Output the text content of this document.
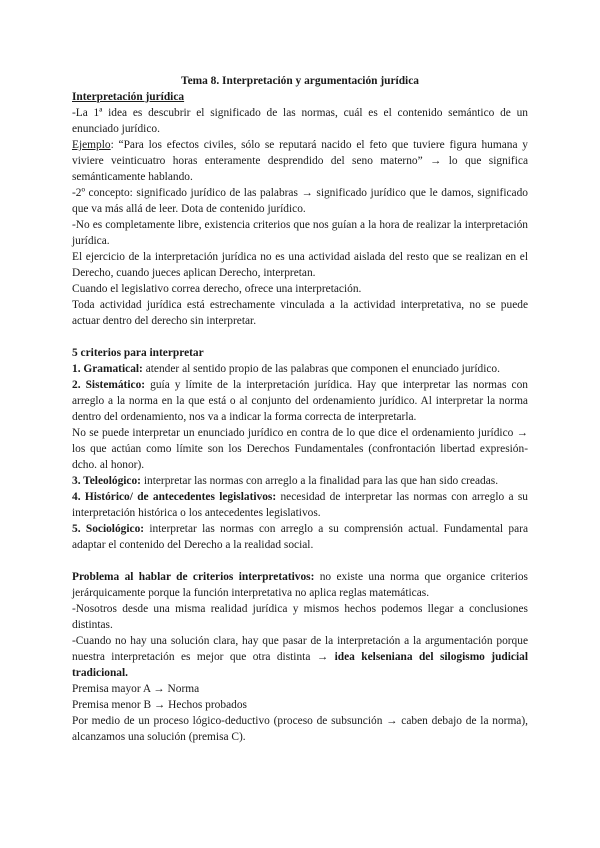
Tema 8. Interpretación y argumentación jurídica

Interpretación jurídica

-La 1ª idea es descubrir el significado de las normas, cuál es el contenido semántico de un enunciado jurídico.

Ejemplo: “Para los efectos civiles, sólo se reputará nacido el feto que tuviere figura humana y viviere veinticuatro horas enteramente desprendido del seno materno” → lo que significa semánticamente hablando.

-2º concepto: significado jurídico de las palabras → significado jurídico que le damos, significado que va más allá de leer. Dota de contenido jurídico.

-No es completamente libre, existencia criterios que nos guían a la hora de realizar la interpretación jurídica.

El ejercicio de la interpretación jurídica no es una actividad aislada del resto que se realizan en el Derecho, cuando jueces aplican Derecho, interpretan.

Cuando el legislativo correa derecho, ofrece una interpretación.

Toda actividad jurídica está estrechamente vinculada a la actividad interpretativa, no se puede actuar dentro del derecho sin interpretar.

5 criterios para interpretar

1. Gramatical: atender al sentido propio de las palabras que componen el enunciado jurídico.

2. Sistemático: guía y límite de la interpretación jurídica. Hay que interpretar las normas con arreglo a la norma en la que está o al conjunto del ordenamiento jurídico. Al interpretar la norma dentro del ordenamiento, nos va a indicar la forma correcta de interpretarla.

No se puede interpretar un enunciado jurídico en contra de lo que dice el ordenamiento jurídico → los que actúan como límite son los Derechos Fundamentales (confrontación libertad expresión-dcho. al honor).

3. Teleológico: interpretar las normas con arreglo a la finalidad para las que han sido creadas.

4. Histórico/ de antecedentes legislativos: necesidad de interpretar las normas con arreglo a su interpretación histórica o los antecedentes legislativos.

5. Sociológico: interpretar las normas con arreglo a su comprensión actual. Fundamental para adaptar el contenido del Derecho a la realidad social.

Problema al hablar de criterios interpretativos: no existe una norma que organice criterios jerárquicamente porque la función interpretativa no aplica reglas matemáticas.

-Nosotros desde una misma realidad jurídica y mismos hechos podemos llegar a conclusiones distintas.

-Cuando no hay una solución clara, hay que pasar de la interpretación a la argumentación porque nuestra interpretación es mejor que otra distinta → idea kelseniana del silogismo judicial tradicional.

Premisa mayor A → Norma

Premisa menor B → Hechos probados

Por medio de un proceso lógico-deductivo (proceso de subsunción → caben debajo de la norma), alcanzamos una solución (premisa C).
